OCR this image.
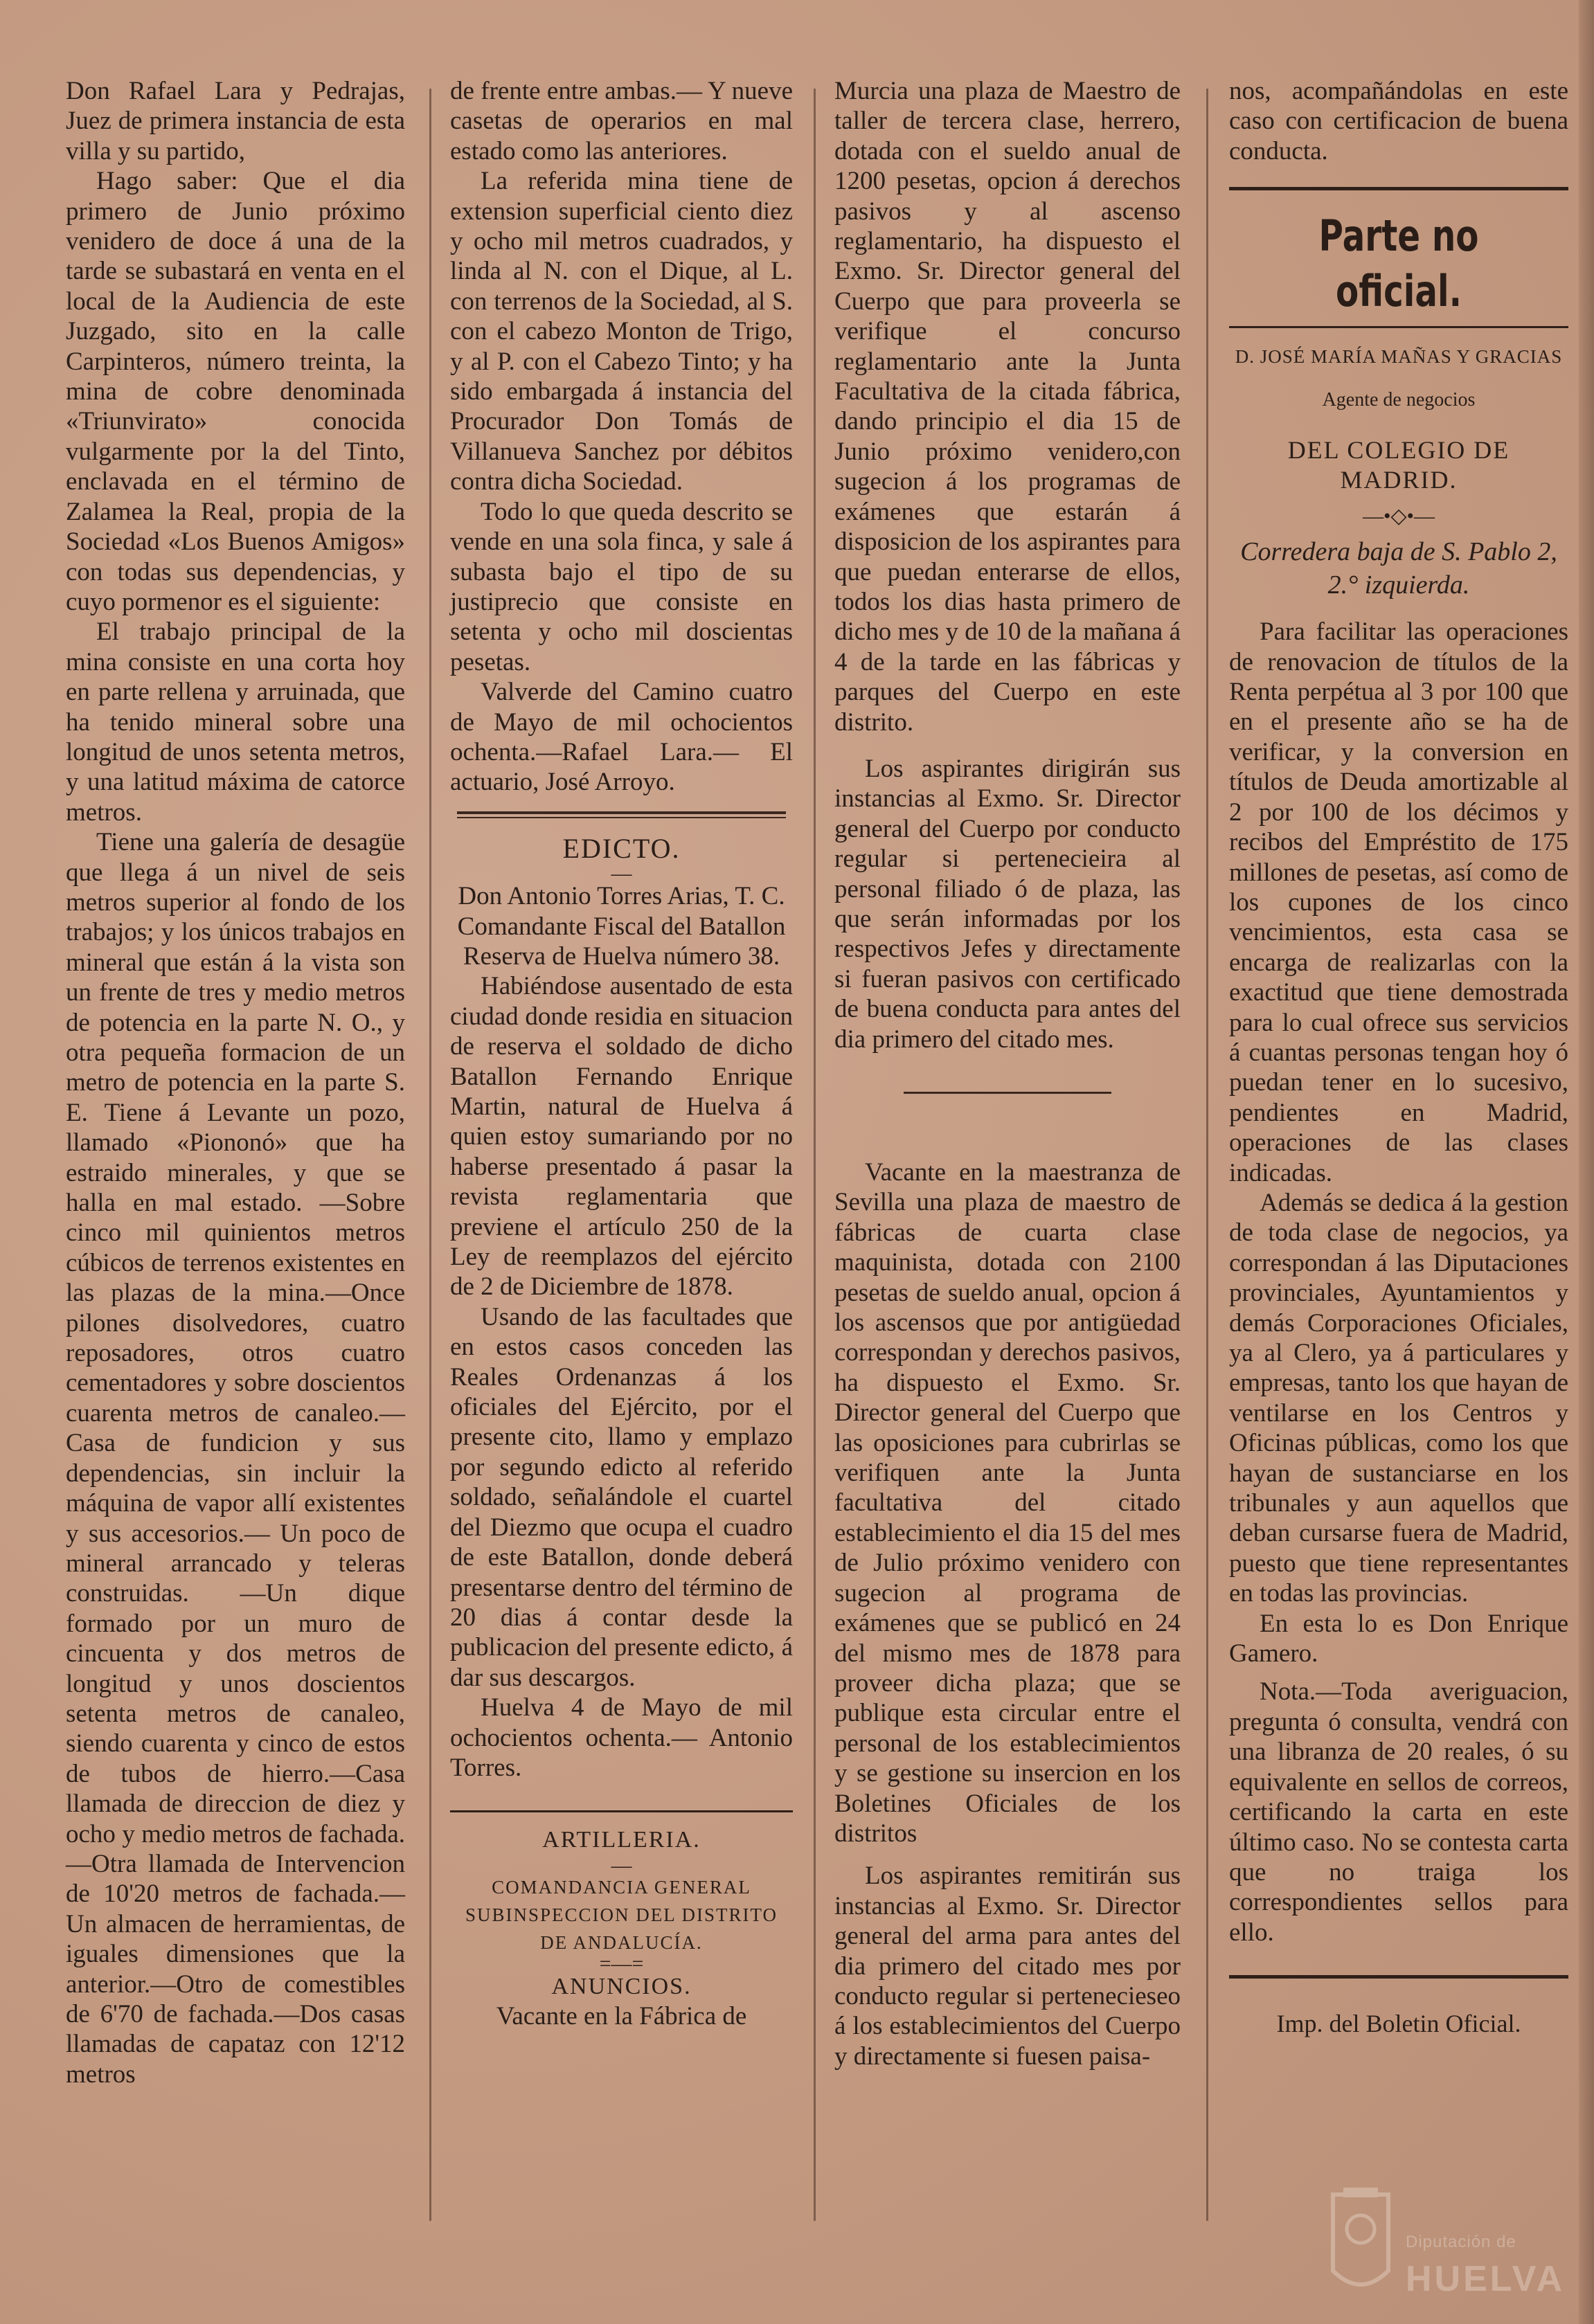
Don Rafael Lara y Pedrajas, Juez de primera instancia de esta villa y su partido,

Hago saber: Que el dia primero de Junio próximo venidero de doce á una de la tarde se subastará en venta en el local de la Audiencia de este Juzgado, sito en la calle Carpinteros, número treinta, la mina de cobre denominada «Triunvirato» conocida vulgarmente por la del Tinto, enclavada en el término de Zalamea la Real, propia de la Sociedad «Los Buenos Amigos» con todas sus dependencias, y cuyo pormenor es el siguiente:

El trabajo principal de la mina consiste en una corta hoy en parte rellena y arruinada, que ha tenido mineral sobre una longitud de unos setenta metros, y una latitud máxima de catorce metros.

Tiene una galería de desagüe que llega á un nivel de seis metros superior al fondo de los trabajos; y los únicos trabajos en mineral que están á la vista son un frente de tres y medio metros de potencia en la parte N. O., y otra pequeña formacion de un metro de potencia en la parte S. E. Tiene á Levante un pozo, llamado «Piononó» que ha estraido minerales, y que se halla en mal estado. —Sobre cinco mil quinientos metros cúbicos de terrenos existentes en las plazas de la mina.—Once pilones disolvedores, cuatro reposadores, otros cuatro cementadores y sobre doscientos cuarenta metros de canaleo.— Casa de fundicion y sus dependencias, sin incluir la máquina de vapor allí existentes y sus accesorios.— Un poco de mineral arrancado y teleras construidas. —Un dique formado por un muro de cincuenta y dos metros de longitud y unos doscientos setenta metros de canaleo, siendo cuarenta y cinco de estos de tubos de hierro.—Casa llamada de direccion de diez y ocho y medio metros de fachada.—Otra llamada de Intervencion de 10'20 metros de fachada.— Un almacen de herramientas, de iguales dimensiones que la anterior.—Otro de comestibles de 6'70 de fachada.—Dos casas llamadas de capataz con 12'12 metros

de frente entre ambas.— Y nueve casetas de operarios en mal estado como las anteriores.

La referida mina tiene de extension superficial ciento diez y ocho mil metros cuadrados, y linda al N. con el Dique, al L. con terrenos de la Sociedad, al S. con el cabezo Monton de Trigo, y al P. con el Cabezo Tinto; y ha sido embargada á instancia del Procurador Don Tomás de Villanueva Sanchez por débitos contra dicha Sociedad.

Todo lo que queda descrito se vende en una sola finca, y sale á subasta bajo el tipo de su justiprecio que consiste en setenta y ocho mil doscientas pesetas.

Valverde del Camino cuatro de Mayo de mil ochocientos ochenta.—Rafael Lara.— El actuario, José Arroyo.

EDICTO.
—

Don Antonio Torres Arias, T. C. Comandante Fiscal del Batallon Reserva de Huelva número 38.

Habiéndose ausentado de esta ciudad donde residia en situacion de reserva el soldado de dicho Batallon Fernando Enrique Martin, natural de Huelva á quien estoy sumariando por no haberse presentado á pasar la revista reglamentaria que previene el artículo 250 de la Ley de reemplazos del ejército de 2 de Diciembre de 1878.

Usando de las facultades que en estos casos conceden las Reales Ordenanzas á los oficiales del Ejército, por el presente cito, llamo y emplazo por segundo edicto al referido soldado, señalándole el cuartel del Diezmo que ocupa el cuadro de este Batallon, donde deberá presentarse dentro del término de 20 dias á contar desde la publicacion del presente edicto, á dar sus descargos.

Huelva 4 de Mayo de mil ochocientos ochenta.— Antonio Torres.

ARTILLERIA.
—
COMANDANCIA GENERAL SUBINSPECCION DEL DISTRITO DE ANDALUCÍA.
=—=
ANUNCIOS.

Vacante en la Fábrica de

Murcia una plaza de Maestro de taller de tercera clase, herrero, dotada con el sueldo anual de 1200 pesetas, opcion á derechos pasivos y al ascenso reglamentario, ha dispuesto el Exmo. Sr. Director general del Cuerpo que para proveerla se verifique el concurso reglamentario ante la Junta Facultativa de la citada fábrica, dando principio el dia 15 de Junio próximo venidero,con sugecion á los programas de exámenes que estarán á disposicion de los aspirantes para que puedan enterarse de ellos, todos los dias hasta primero de dicho mes y de 10 de la mañana á 4 de la tarde en las fábricas y parques del Cuerpo en este distrito.

Los aspirantes dirigirán sus instancias al Exmo. Sr. Director general del Cuerpo por conducto regular si pertenecieira al personal filiado ó de plaza, las que serán informadas por los respectivos Jefes y directamente si fueran pasivos con certificado de buena conducta para antes del dia primero del citado mes.

Vacante en la maestranza de Sevilla una plaza de maestro de fábricas de cuarta clase maquinista, dotada con 2100 pesetas de sueldo anual, opcion á los ascensos que por antigüedad correspondan y derechos pasivos, ha dispuesto el Exmo. Sr. Director general del Cuerpo que las oposiciones para cubrirlas se verifiquen ante la Junta facultativa del citado establecimiento el dia 15 del mes de Julio próximo venidero con sugecion al programa de exámenes que se publicó en 24 del mismo mes de 1878 para proveer dicha plaza; que se publique esta circular entre el personal de los establecimientos y se gestione su insercion en los Boletines Oficiales de los distritos

Los aspirantes remitirán sus instancias al Exmo. Sr. Director general del arma para antes del dia primero del citado mes por conducto regular si pertenecieseo á los establecimientos del Cuerpo y directamente si fuesen paisa-

nos, acompañándolas en este caso con certificacion de buena conducta.

Parte no oficial.
D. JOSÉ MARÍA MAÑAS Y GRACIAS
Agente de negocios
DEL COLEGIO DE MADRID.
—•◇•—
Corredera baja de S. Pablo 2,
2.° izquierda.

Para facilitar las operaciones de renovacion de títulos de la Renta perpétua al 3 por 100 que en el presente año se ha de verificar, y la conversion en títulos de Deuda amortizable al 2 por 100 de los décimos y recibos del Empréstito de 175 millones de pesetas, así como de los cupones de los cinco vencimientos, esta casa se encarga de realizarlas con la exactitud que tiene demostrada para lo cual ofrece sus servicios á cuantas personas tengan hoy ó puedan tener en lo sucesivo, pendientes en Madrid, operaciones de las clases indicadas.

Además se dedica á la gestion de toda clase de negocios, ya correspondan á las Diputaciones provinciales, Ayuntamientos y demás Corporaciones Oficiales, ya al Clero, ya á particulares y empresas, tanto los que hayan de ventilarse en los Centros y Oficinas públicas, como los que hayan de sustanciarse en los tribunales y aun aquellos que deban cursarse fuera de Madrid, puesto que tiene representantes en todas las provincias.

En esta lo es Don Enrique Gamero.

Nota.—Toda averiguacion, pregunta ó consulta, vendrá con una libranza de 20 reales, ó su equivalente en sellos de correos, certificando la carta en este último caso. No se contesta carta que no traiga los correspondientes sellos para ello.

Imp. del Boletin Oficial.
Diputación de
HUELVA
